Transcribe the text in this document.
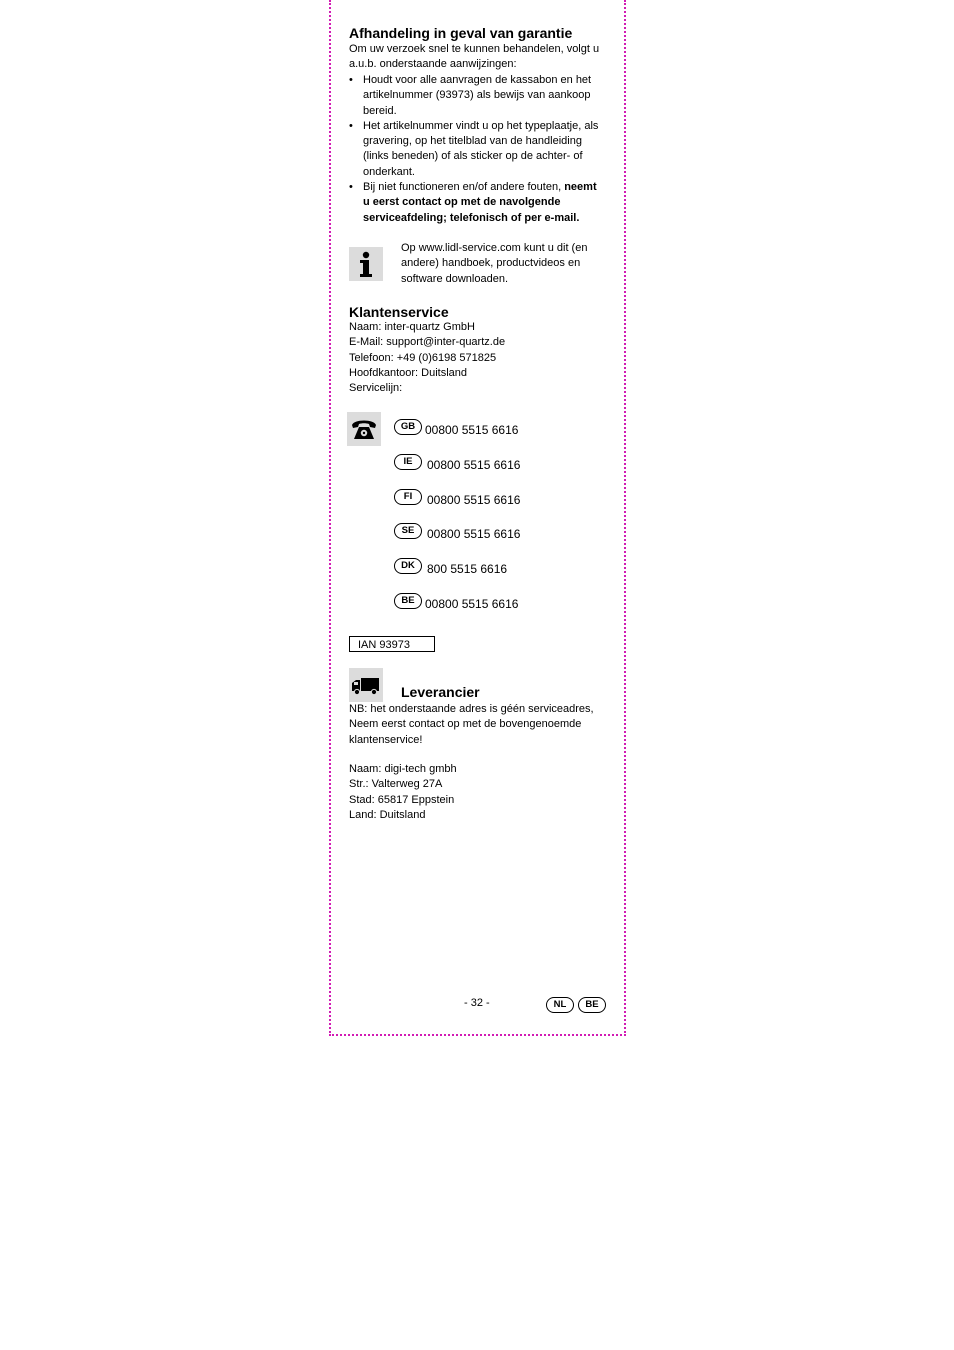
Afhandeling in geval van garantie
Om uw verzoek snel te kunnen behandelen, volgt u
a.u.b. onderstaande aanwijzingen:
• Houdt voor alle aanvragen de kassabon en het
artikelnummer (93973) als bewijs van aankoop
bereid.
• Het artikelnummer vindt u op het typeplaatje, als
gravering, op het titelblad van de handleiding
(links beneden) of als sticker op de achter- of
onderkant.
• Bij niet functioneren en/of andere fouten, neemt
u eerst contact op met de navolgende
serviceafdeling; telefonisch of per e-mail.
Op www.lidl-service.com kunt u dit (en
andere) handboek, productvideos en
software downloaden.
Klantenservice
Naam: inter-quartz GmbH
E-Mail: support@inter-quartz.de
Telefoon: +49 (0)6198 571825
Hoofdkantoor: Duitsland
Servicelijn:
GB 00800 5515 6616
IE	00800 5515 6616
FI	00800 5515 6616
SE	00800 5515 6616
DK	800 5515 6616
BE 00800 5515 6616
IAN 93973
Leverancier
NB: het onderstaande adres is géén serviceadres,
Neem eerst contact op met de bovengenoemde
klantenservice!
Naam: digi-tech gmbh
Str.: Valterweg 27A
Stad: 65817 Eppstein
Land: Duitsland
- 32 -	NL	BE
